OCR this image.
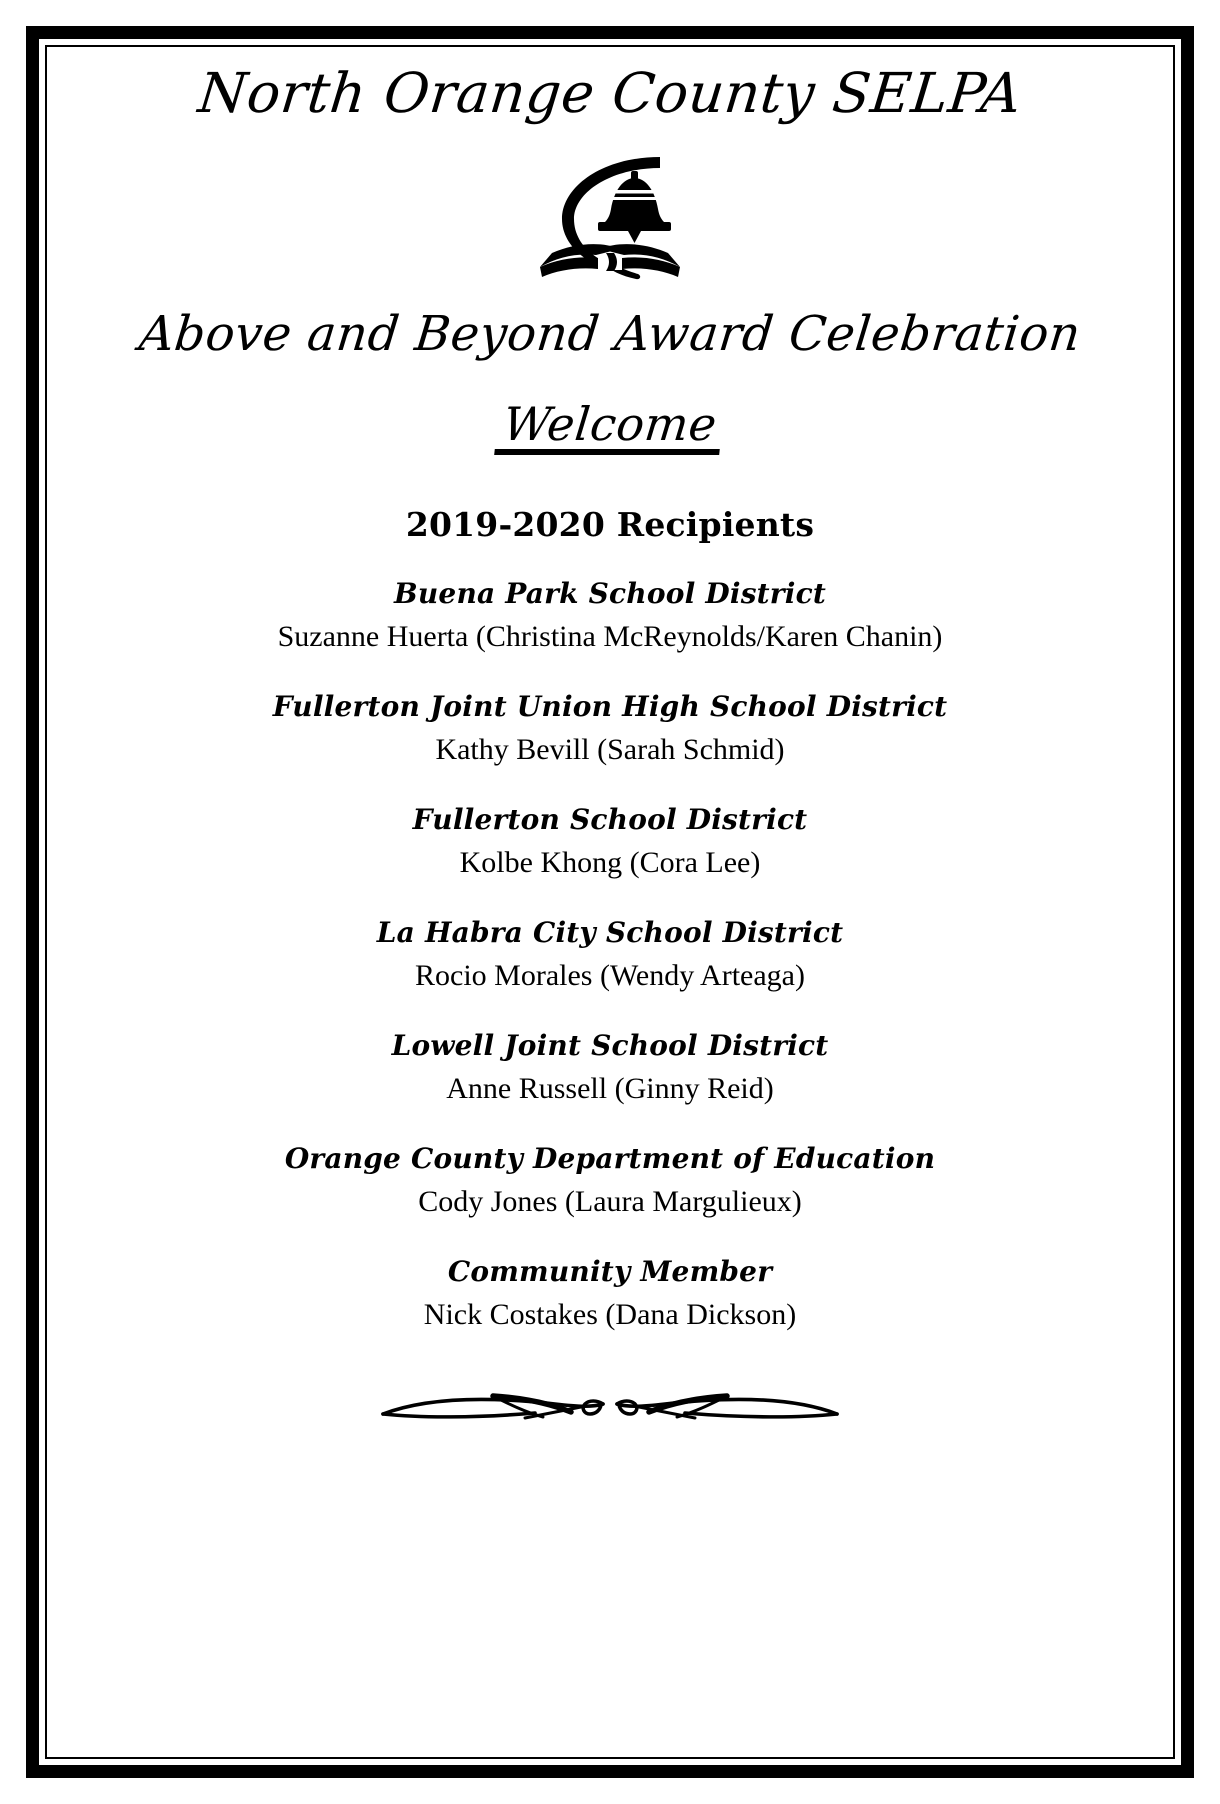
North Orange County SELPA
Above and Beyond Award Celebration
Welcome
2019-2020 Recipients
Buena Park School District
Suzanne Huerta (Christina McReynolds/Karen Chanin)
Fullerton Joint Union High School District
Kathy Bevill (Sarah Schmid)
Fullerton School District
Kolbe Khong (Cora Lee)
La Habra City School District
Rocio Morales (Wendy Arteaga)
Lowell Joint School District
Anne Russell (Ginny Reid)
Orange County Department of Education
Cody Jones (Laura Margulieux)
Community Member
Nick Costakes (Dana Dickson)
